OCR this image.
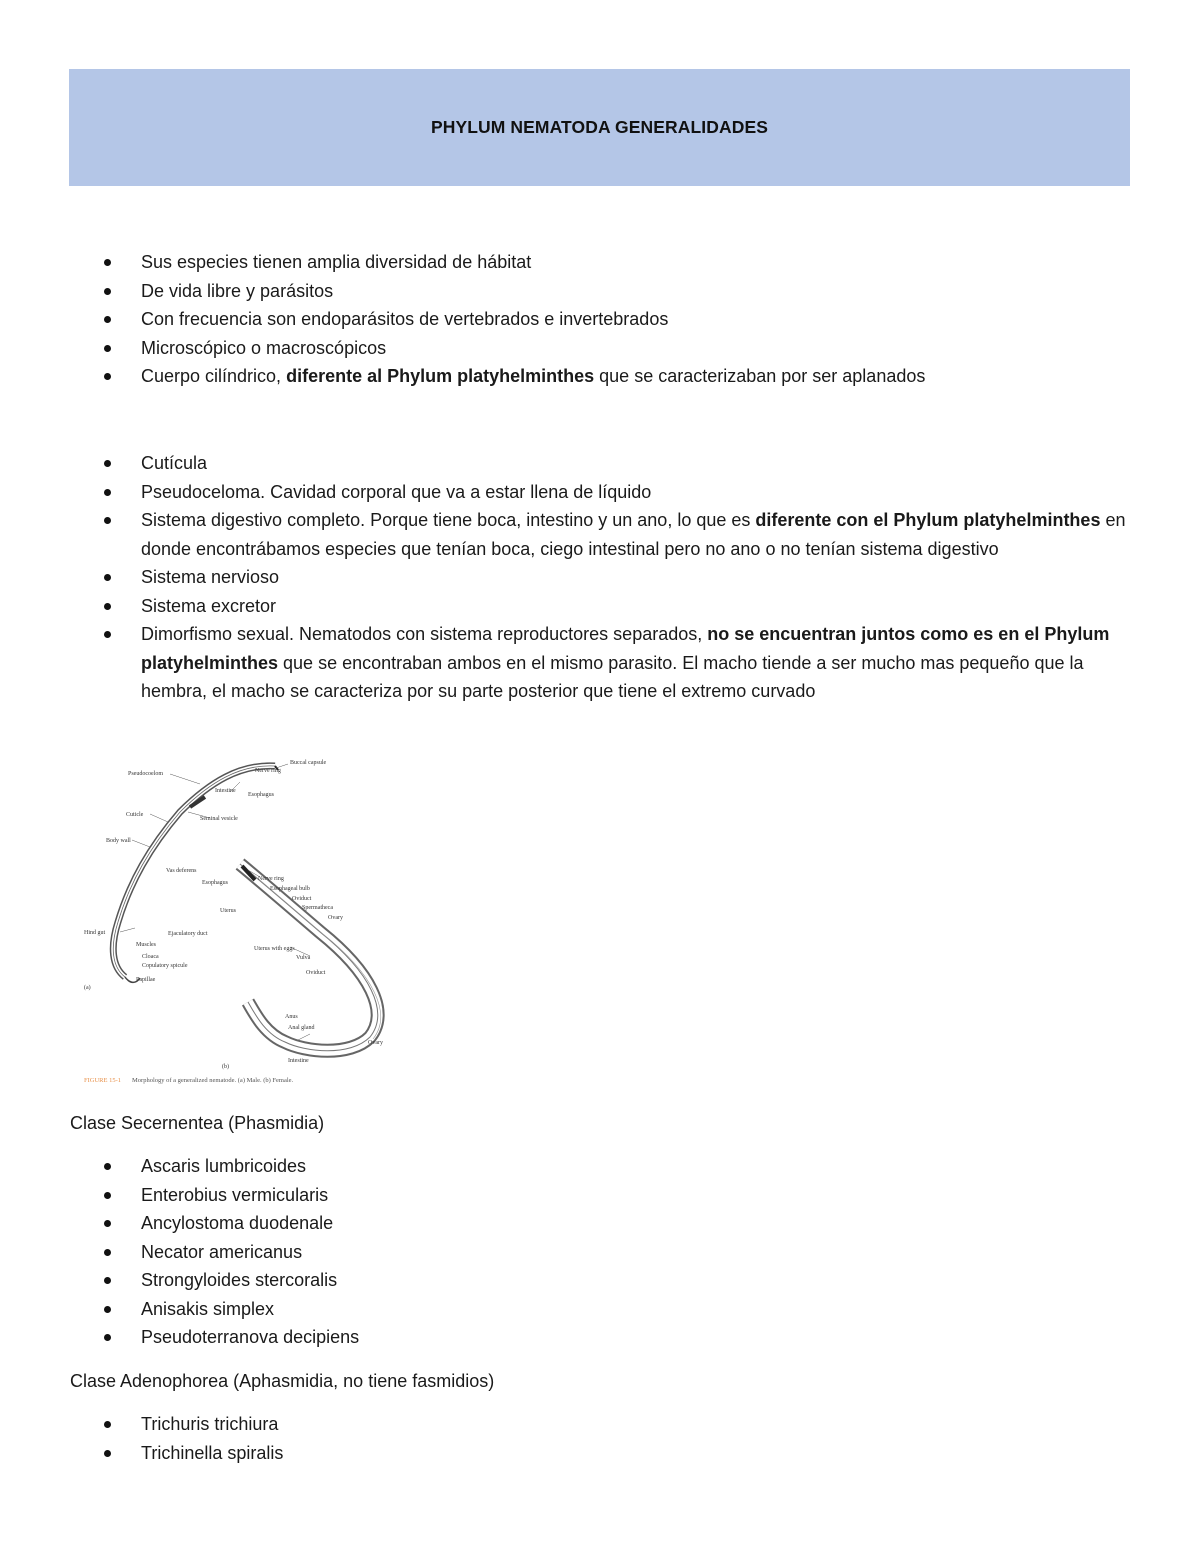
PHYLUM NEMATODA GENERALIDADES
Sus especies tienen amplia diversidad de hábitat
De vida libre y parásitos
Con frecuencia son endoparásitos de vertebrados e invertebrados
Microscópico o macroscópicos
Cuerpo cilíndrico, diferente al Phylum platyhelminthes que se caracterizaban por ser aplanados
Cutícula
Pseudoceloma. Cavidad corporal que va a estar llena de líquido
Sistema digestivo completo. Porque tiene boca, intestino y un ano, lo que es diferente con el Phylum platyhelminthes en donde encontrábamos especies que tenían boca, ciego intestinal pero no ano o no tenían sistema digestivo
Sistema nervioso
Sistema excretor
Dimorfismo sexual. Nematodos con sistema reproductores separados, no se encuentran juntos como es en el Phylum platyhelminthes que se encontraban ambos en el mismo parasito. El macho tiende a ser mucho mas pequeño que la hembra, el macho se caracteriza por su parte posterior que tiene el extremo curvado
Buccal capsule
Pseudocoelom	Nerve ring
Esophagus
Intestine
Seminal vesicle
Body wall
Vas deferens
Cuticle
Ejaculatory duct
Muscles
Cloaca
Copulatory spicule
Papillae
Hind gut
(a)
Esophagus
Nerve ring
Esophageal bulb
Oviduct
Spermatheca
Ovary
Uterus
Uterus with eggs
Vulva
Oviduct
Anus
Anal gland
Ovary
Intestine
(b)
FIGURE 15-1 Morphology of a generalized nematode. (a) Male. (b) Female.

Clase Secernentea (Phasmidia)

Ascaris lumbricoides
Enterobius vermicularis
Ancylostoma duodenale
Necator americanus
Strongyloides stercoralis
Anisakis simplex
Pseudoterranova decipiens

Clase Adenophorea (Aphasmidia, no tiene fasmidios)

Trichuris trichiura
Trichinella spiralis
